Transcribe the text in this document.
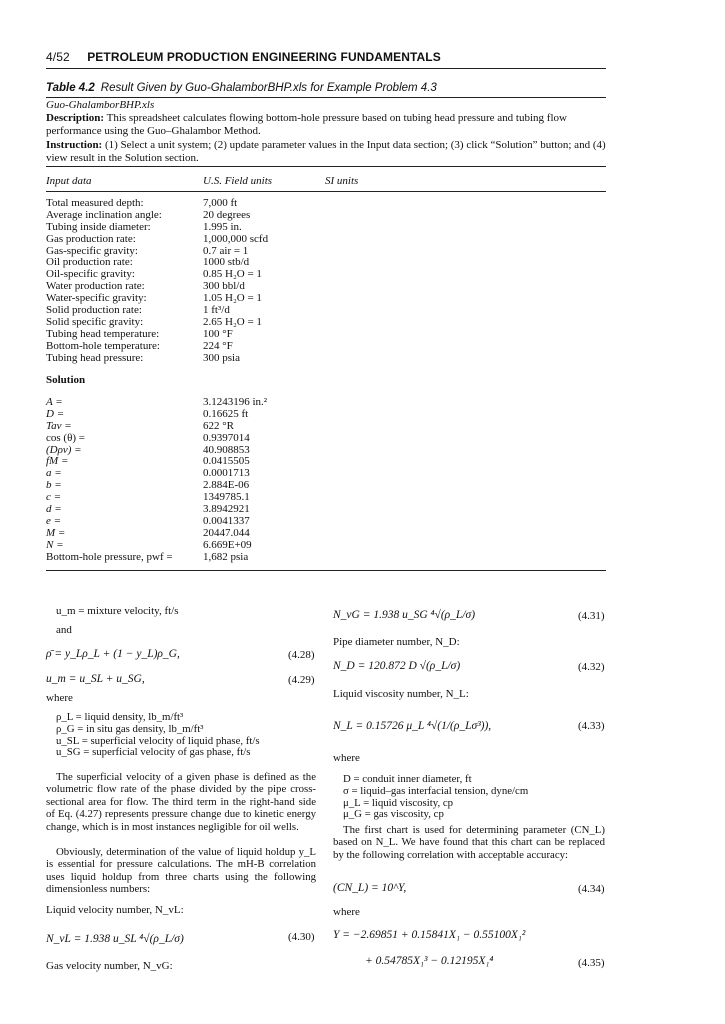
4/52 PETROLEUM PRODUCTION ENGINEERING FUNDAMENTALS
Table 4.2 Result Given by Guo-GhalamborBHP.xls for Example Problem 4.3

Guo-GhalamborBHP.xls

Description: This spreadsheet calculates flowing bottom-hole pressure based on tubing head pressure and tubing flow performance using the Guo–Ghalambor Method.

Instruction: (1) Select a unit system; (2) update parameter values in the Input data section; (3) click “Solution” button; and (4) view result in the Solution section.

Input data	U.S. Field units	SI units
Total measured depth:	7,000 ft
Average inclination angle:	20 degrees
Tubing inside diameter:	1.995 in.
Gas production rate:	1,000,000 scfd
Gas-specific gravity:	0.7 air = 1
Oil production rate:	1000 stb/d
Oil-specific gravity:	0.85 H₂O = 1
Water production rate:	300 bbl/d
Water-specific gravity:	1.05 H₂O = 1
Solid production rate:	1 ft³/d
Solid specific gravity:	2.65 H₂O = 1
Tubing head temperature:	100 °F
Bottom-hole temperature:	224 °F
Tubing head pressure:	300 psia
Solution
A =	3.1243196 in.²
D =	0.16625 ft
Tav =	622 °R
cos (θ) =	0.9397014
(Dρv) =	40.908853
fM =	0.0415505
a =	0.0001713
b =	2.884E-06
c =	1349785.1
d =	3.8942921
e =	0.0041337
M =	20447.044
N =	6.669E+09
Bottom-hole pressure, pwf =	1,682 psia
u_m = mixture velocity, ft/s
and
ρ̄ = y_Lρ_L + (1 − y_L)ρ_G,	(4.28)
u_m = u_SL + u_SG,	(4.29)
where
ρ_L = liquid density, lb_m/ft³
ρ_G = in situ gas density, lb_m/ft³
u_SL = superficial velocity of liquid phase, ft/s
u_SG = superficial velocity of gas phase, ft/s
The superficial velocity of a given phase is defined as the volumetric flow rate of the phase divided by the pipe cross-sectional area for flow. The third term in the right-hand side of Eq. (4.27) represents pressure change due to kinetic energy change, which is in most instances negligible for oil wells.
Obviously, determination of the value of liquid holdup y_L is essential for pressure calculations. The mH-B correlation uses liquid holdup from three charts using the following dimensionless numbers:
Liquid velocity number, N_vL:
N_vL = 1.938 u_SL ⁴√(ρ_L/σ)	(4.30)
Gas velocity number, N_vG:
N_vG = 1.938 u_SG ⁴√(ρ_L/σ)	(4.31)
Pipe diameter number, N_D:
N_D = 120.872 D √(ρ_L/σ)	(4.32)
Liquid viscosity number, N_L:
N_L = 0.15726 μ_L ⁴√(1/(ρ_Lσ³)),	(4.33)
where
D = conduit inner diameter, ft
σ = liquid–gas interfacial tension, dyne/cm
μ_L = liquid viscosity, cp
μ_G = gas viscosity, cp
The first chart is used for determining parameter (CN_L) based on N_L. We have found that this chart can be replaced by the following correlation with acceptable accuracy:
(CN_L) = 10^Y,	(4.34)
where
Y = −2.69851 + 0.15841X₁ − 0.55100X₁²
+ 0.54785X₁³ − 0.12195X₁⁴	(4.35)
